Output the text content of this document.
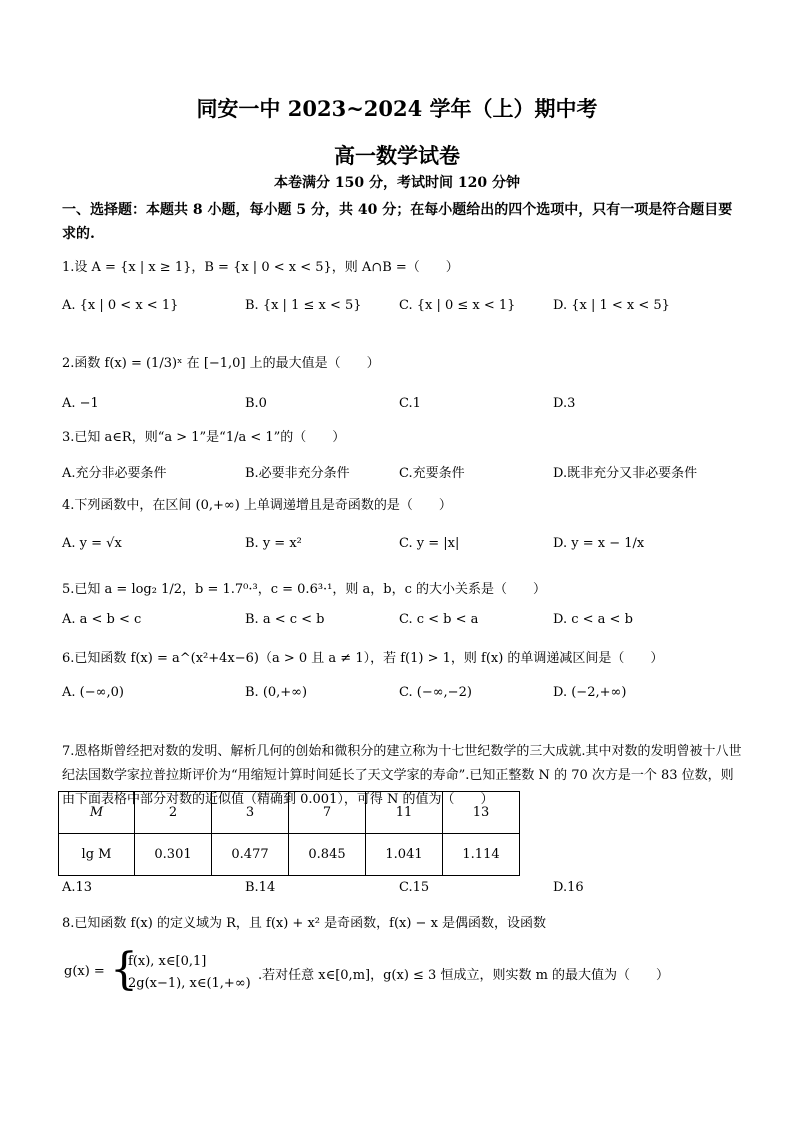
同安一中 2023~2024 学年（上）期中考
高一数学试卷
本卷满分 150 分，考试时间 120 分钟
一、选择题：本题共 8 小题，每小题 5 分，共 40 分；在每小题给出的四个选项中，只有一项是符合题目要求的.
1.设 A = {x | x ≥ 1}，B = {x | 0 < x < 5}，则 A∩B =（　　）
A. {x | 0 < x < 1}	B. {x | 1 ≤ x < 5}	C. {x | 0 ≤ x < 1}	D. {x | 1 < x < 5}
2.函数 f(x) = (1/3)ˣ 在 [−1,0] 上的最大值是（　　）
A. −1	B.0	C.1	D.3
3.已知 a∈R，则“a > 1”是“1/a < 1”的（　　）
A.充分非必要条件	B.必要非充分条件	C.充要条件	D.既非充分又非必要条件
4.下列函数中，在区间 (0,+∞) 上单调递增且是奇函数的是（　　）
A. y = √x	B. y = x²	C. y = |x|	D. y = x − 1/x
5.已知 a = log₂ 1/2，b = 1.7⁰·³，c = 0.6³·¹，则 a，b，c 的大小关系是（　　）
A. a < b < c	B. a < c < b	C. c < b < a	D. c < a < b
6.已知函数 f(x) = a^(x²+4x−6)（a > 0 且 a ≠ 1），若 f(1) > 1，则 f(x) 的单调递减区间是（　　）
A. (−∞,0)	B. (0,+∞)	C. (−∞,−2)	D. (−2,+∞)
7.恩格斯曾经把对数的发明、解析几何的创始和微积分的建立称为十七世纪数学的三大成就.其中对数的发明曾被十八世纪法国数学家拉普拉斯评价为“用缩短计算时间延长了天文学家的寿命”.已知正整数 N 的 70 次方是一个 83 位数，则由下面表格中部分对数的近似值（精确到 0.001），可得 N 的值为（　　）
M	2	3	7	11	13
lg M	0.301	0.477	0.845	1.041	1.114
A.13	B.14	C.15	D.16
8.已知函数 f(x) 的定义域为 R，且 f(x) + x² 是奇函数，f(x) − x 是偶函数，设函数
g(x) = {
f(x), x∈[0,1]
2g(x−1), x∈(1,+∞)
.若对任意 x∈[0,m]，g(x) ≤ 3 恒成立，则实数 m 的最大值为（　　）
